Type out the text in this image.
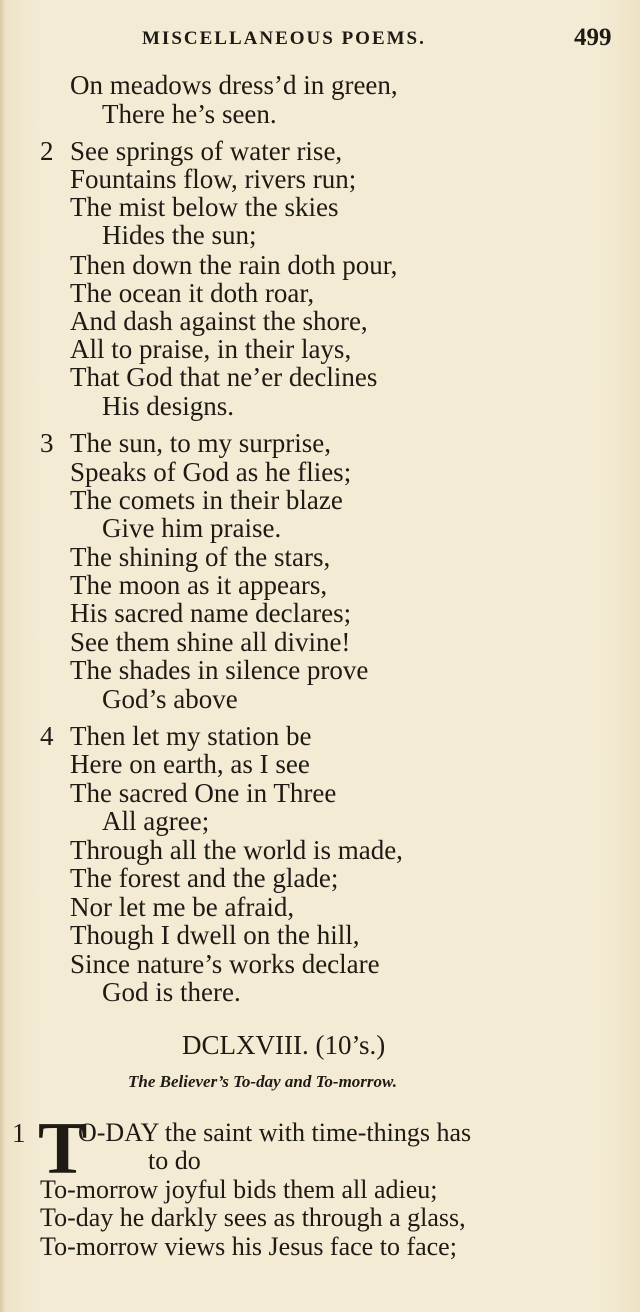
MISCELLANEOUS POEMS.	499
On meadows dress’d in green,
There he’s seen.
2 See springs of water rise,
Fountains flow, rivers run;
The mist below the skies
Hides the sun;
Then down the rain doth pour,
The ocean it doth roar,
And dash against the shore,
All to praise, in their lays,
That God that ne’er declines
His designs.
3 The sun, to my surprise,
Speaks of God as he flies;
The comets in their blaze
Give him praise.
The shining of the stars,
The moon as it appears,
His sacred name declares;
See them shine all divine!
The shades in silence prove
God’s above
4 Then let my station be
Here on earth, as I see
The sacred One in Three
All agree;
Through all the world is made,
The forest and the glade;
Nor let me be afraid,
Though I dwell on the hill,
Since nature’s works declare
God is there.
DCLXVIII. (10’s.)
The Believer’s To-day and To-morrow.
1 T
O-DAY the saint with time-things has
to do
To-morrow joyful bids them all adieu;
To-day he darkly sees as through a glass,
To-morrow views his Jesus face to face;
